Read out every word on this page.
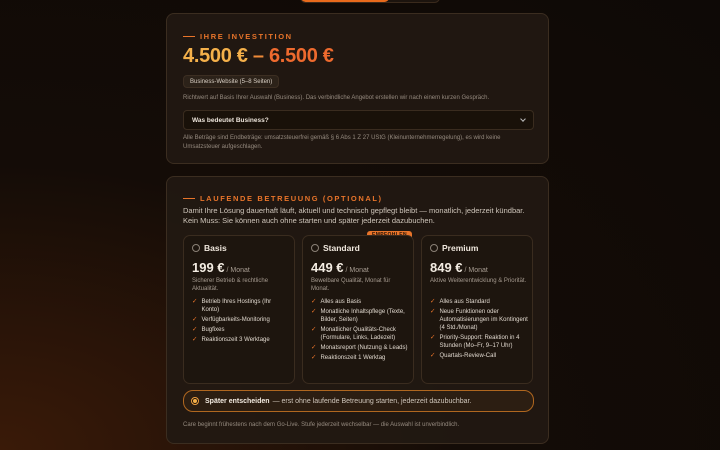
IHRE INVESTITION
4.500 € – 6.500 €
Business-Website (5–8 Seiten)
Richtwert auf Basis Ihrer Auswahl (Business). Das verbindliche Angebot erstellen wir nach einem kurzen Gespräch.
Was bedeutet Business?
Alle Beträge sind Endbeträge: umsatzsteuerfrei gemäß § 6 Abs 1 Z 27 UStG (Kleinunternehmerregelung), es wird keine Umsatzsteuer aufgeschlagen.
LAUFENDE BETREUUNG (OPTIONAL)
Damit Ihre Lösung dauerhaft läuft, aktuell und technisch gepflegt bleibt — monatlich, jederzeit kündbar. Kein Muss: Sie können auch ohne starten und später jederzeit dazubuchen.
Basis
199 € / Monat
Sicherer Betrieb & rechtliche Aktualität.
✓ Betrieb Ihres Hostings (Ihr Konto)
✓ Verfügbarkeits-Monitoring
✓ Bugfixes
✓ Reaktionszeit 3 Werktage
Standard
449 € / Monat
Bewelbare Qualität, Monat für Monat.
✓ Alles aus Basis
✓ Monatliche Inhaltspflege (Texte, Bilder, Seiten)
✓ Monatlicher Qualitäts-Check (Formulare, Links, Ladezeit)
✓ Monatsreport (Nutzung & Leads)
✓ Reaktionszeit 1 Werktag
Premium
849 € / Monat
Aktive Weiterentwicklung & Priorität.
✓ Alles aus Standard
✓ Neue Funktionen oder Automatisierungen im Kontingent (4 Std./Monat)
✓ Priority-Support: Reaktion in 4 Stunden (Mo–Fr, 9–17 Uhr)
✓ Quartals-Review-Call
Später entscheiden — erst ohne laufende Betreuung starten, jederzeit dazubuchbar.
Care beginnt frühestens nach dem Go-Live. Stufe jederzeit wechselbar — die Auswahl ist unverbindlich.
